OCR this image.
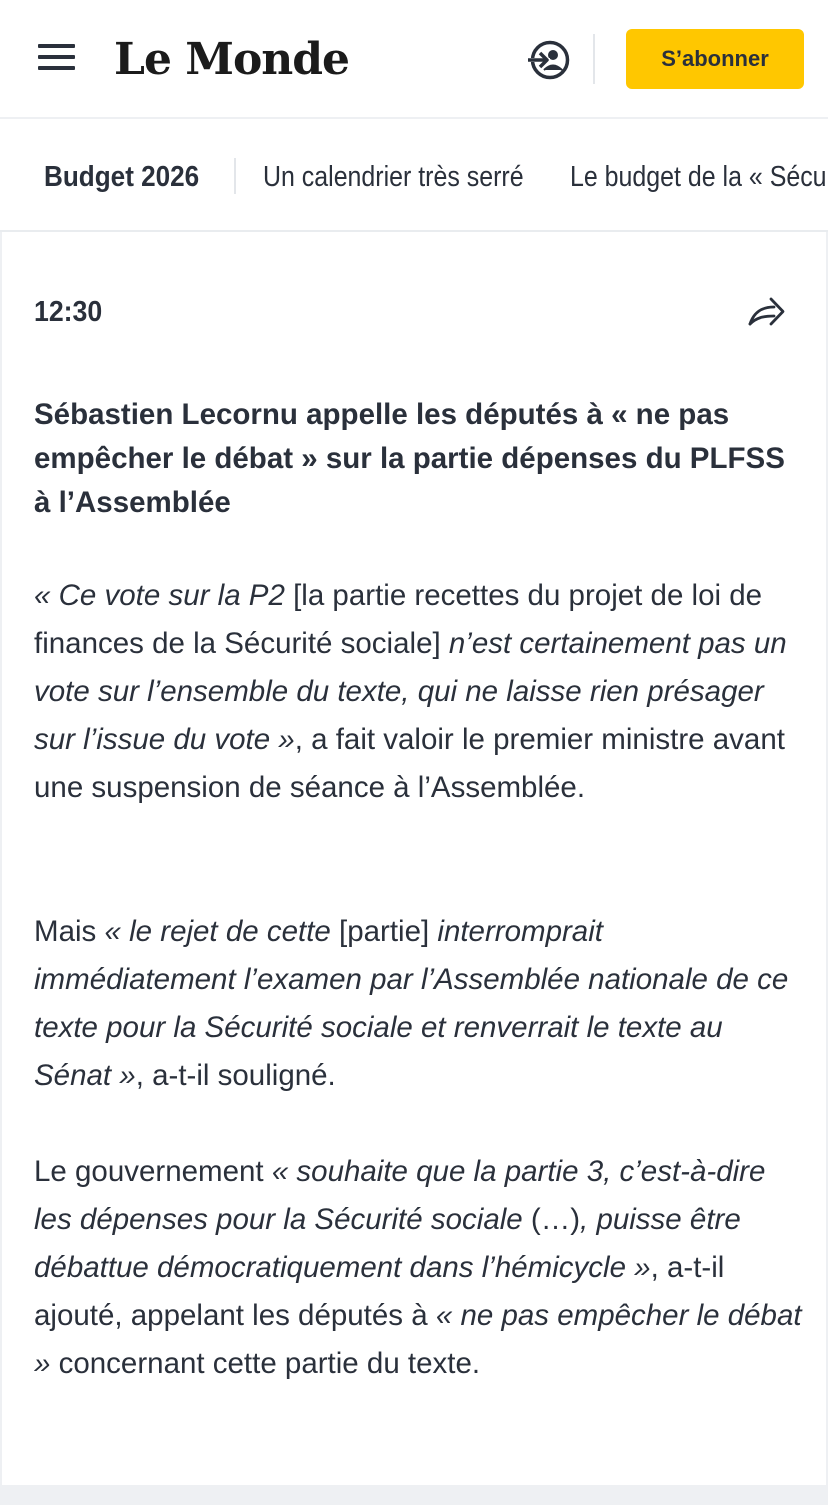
Le Monde	S’abonner
Budget 2026 Un calendrier très serré Le budget de la « Sécu
12:30
Sébastien Lecornu appelle les députés à « ne pas empêcher le débat » sur la partie dépenses du PLFSS à l’Assemblée

« Ce vote sur la P2 [la partie recettes du projet de loi de finances de la Sécurité sociale] n’est certainement pas un vote sur l’ensemble du texte, qui ne laisse rien présager sur l’issue du vote », a fait valoir le premier ministre avant une suspension de séance à l’Assemblée.

Mais « le rejet de cette [partie] interromprait immédiatement l’examen par l’Assemblée nationale de ce texte pour la Sécurité sociale et renverrait le texte au Sénat », a-t-il souligné.

Le gouvernement « souhaite que la partie 3, c’est-à-dire les dépenses pour la Sécurité sociale (…), puisse être débattue démocratiquement dans l’hémicycle », a-t-il ajouté, appelant les députés à « ne pas empêcher le débat » concernant cette partie du texte.
